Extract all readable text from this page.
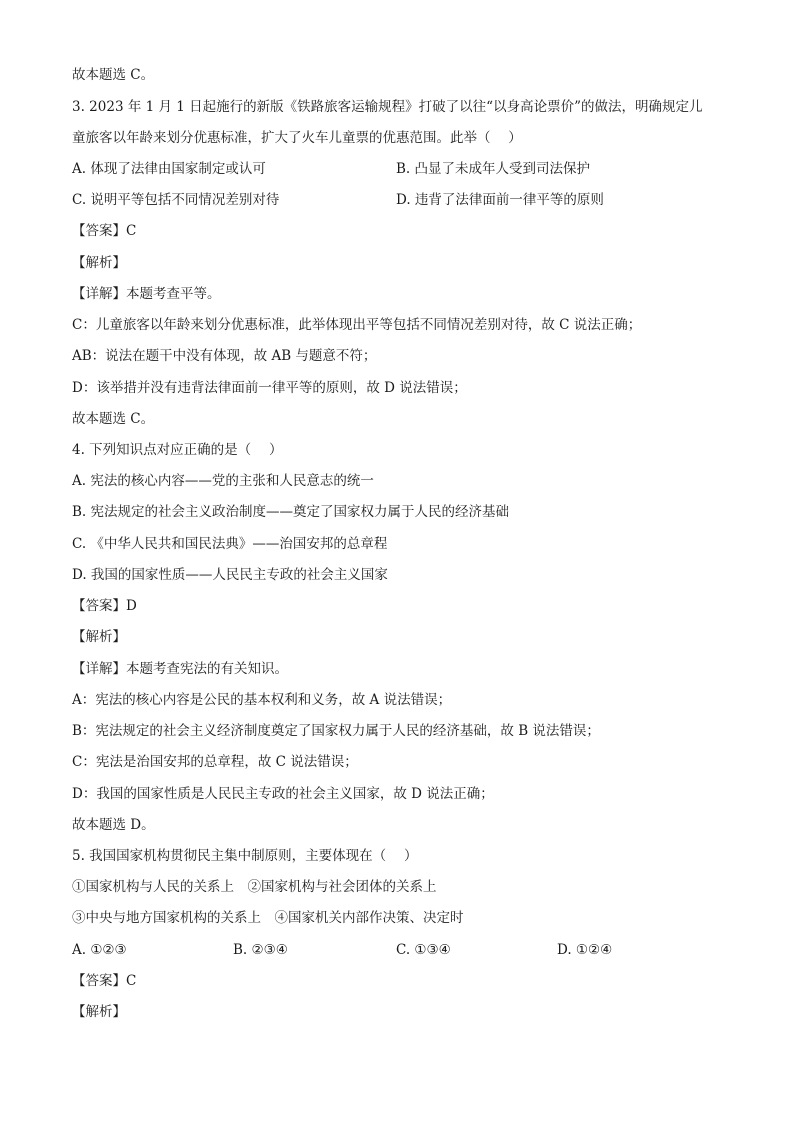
故本题选 C。
3. 2023 年 1 月 1 日起施行的新版《铁路旅客运输规程》打破了以往“以身高论票价”的做法，明确规定儿
童旅客以年龄来划分优惠标准，扩大了火车儿童票的优惠范围。此举（　 ）
A. 体现了法律由国家制定或认可	B. 凸显了未成年人受到司法保护
C. 说明平等包括不同情况差别对待	D. 违背了法律面前一律平等的原则
【答案】C
【解析】
【详解】本题考查平等。
C：儿童旅客以年龄来划分优惠标准，此举体现出平等包括不同情况差别对待，故 C 说法正确；
AB：说法在题干中没有体现，故 AB 与题意不符；
D：该举措并没有违背法律面前一律平等的原则，故 D 说法错误；
故本题选 C。
4. 下列知识点对应正确的是（　 ）
A. 宪法的核心内容——党的主张和人民意志的统一
B. 宪法规定的社会主义政治制度——奠定了国家权力属于人民的经济基础
C. 《中华人民共和国民法典》——治国安邦的总章程
D. 我国的国家性质——人民民主专政的社会主义国家
【答案】D
【解析】
【详解】本题考查宪法的有关知识。
A：宪法的核心内容是公民的基本权利和义务，故 A 说法错误；
B：宪法规定的社会主义经济制度奠定了国家权力属于人民的经济基础，故 B 说法错误；
C：宪法是治国安邦的总章程，故 C 说法错误；
D：我国的国家性质是人民民主专政的社会主义国家，故 D 说法正确；
故本题选 D。
5. 我国国家机构贯彻民主集中制原则，主要体现在（　 ）
①国家机构与人民的关系上　②国家机构与社会团体的关系上
③中央与地方国家机构的关系上　④国家机关内部作决策、决定时
A. ①②③	B. ②③④	C. ①③④	D. ①②④
【答案】C
【解析】
